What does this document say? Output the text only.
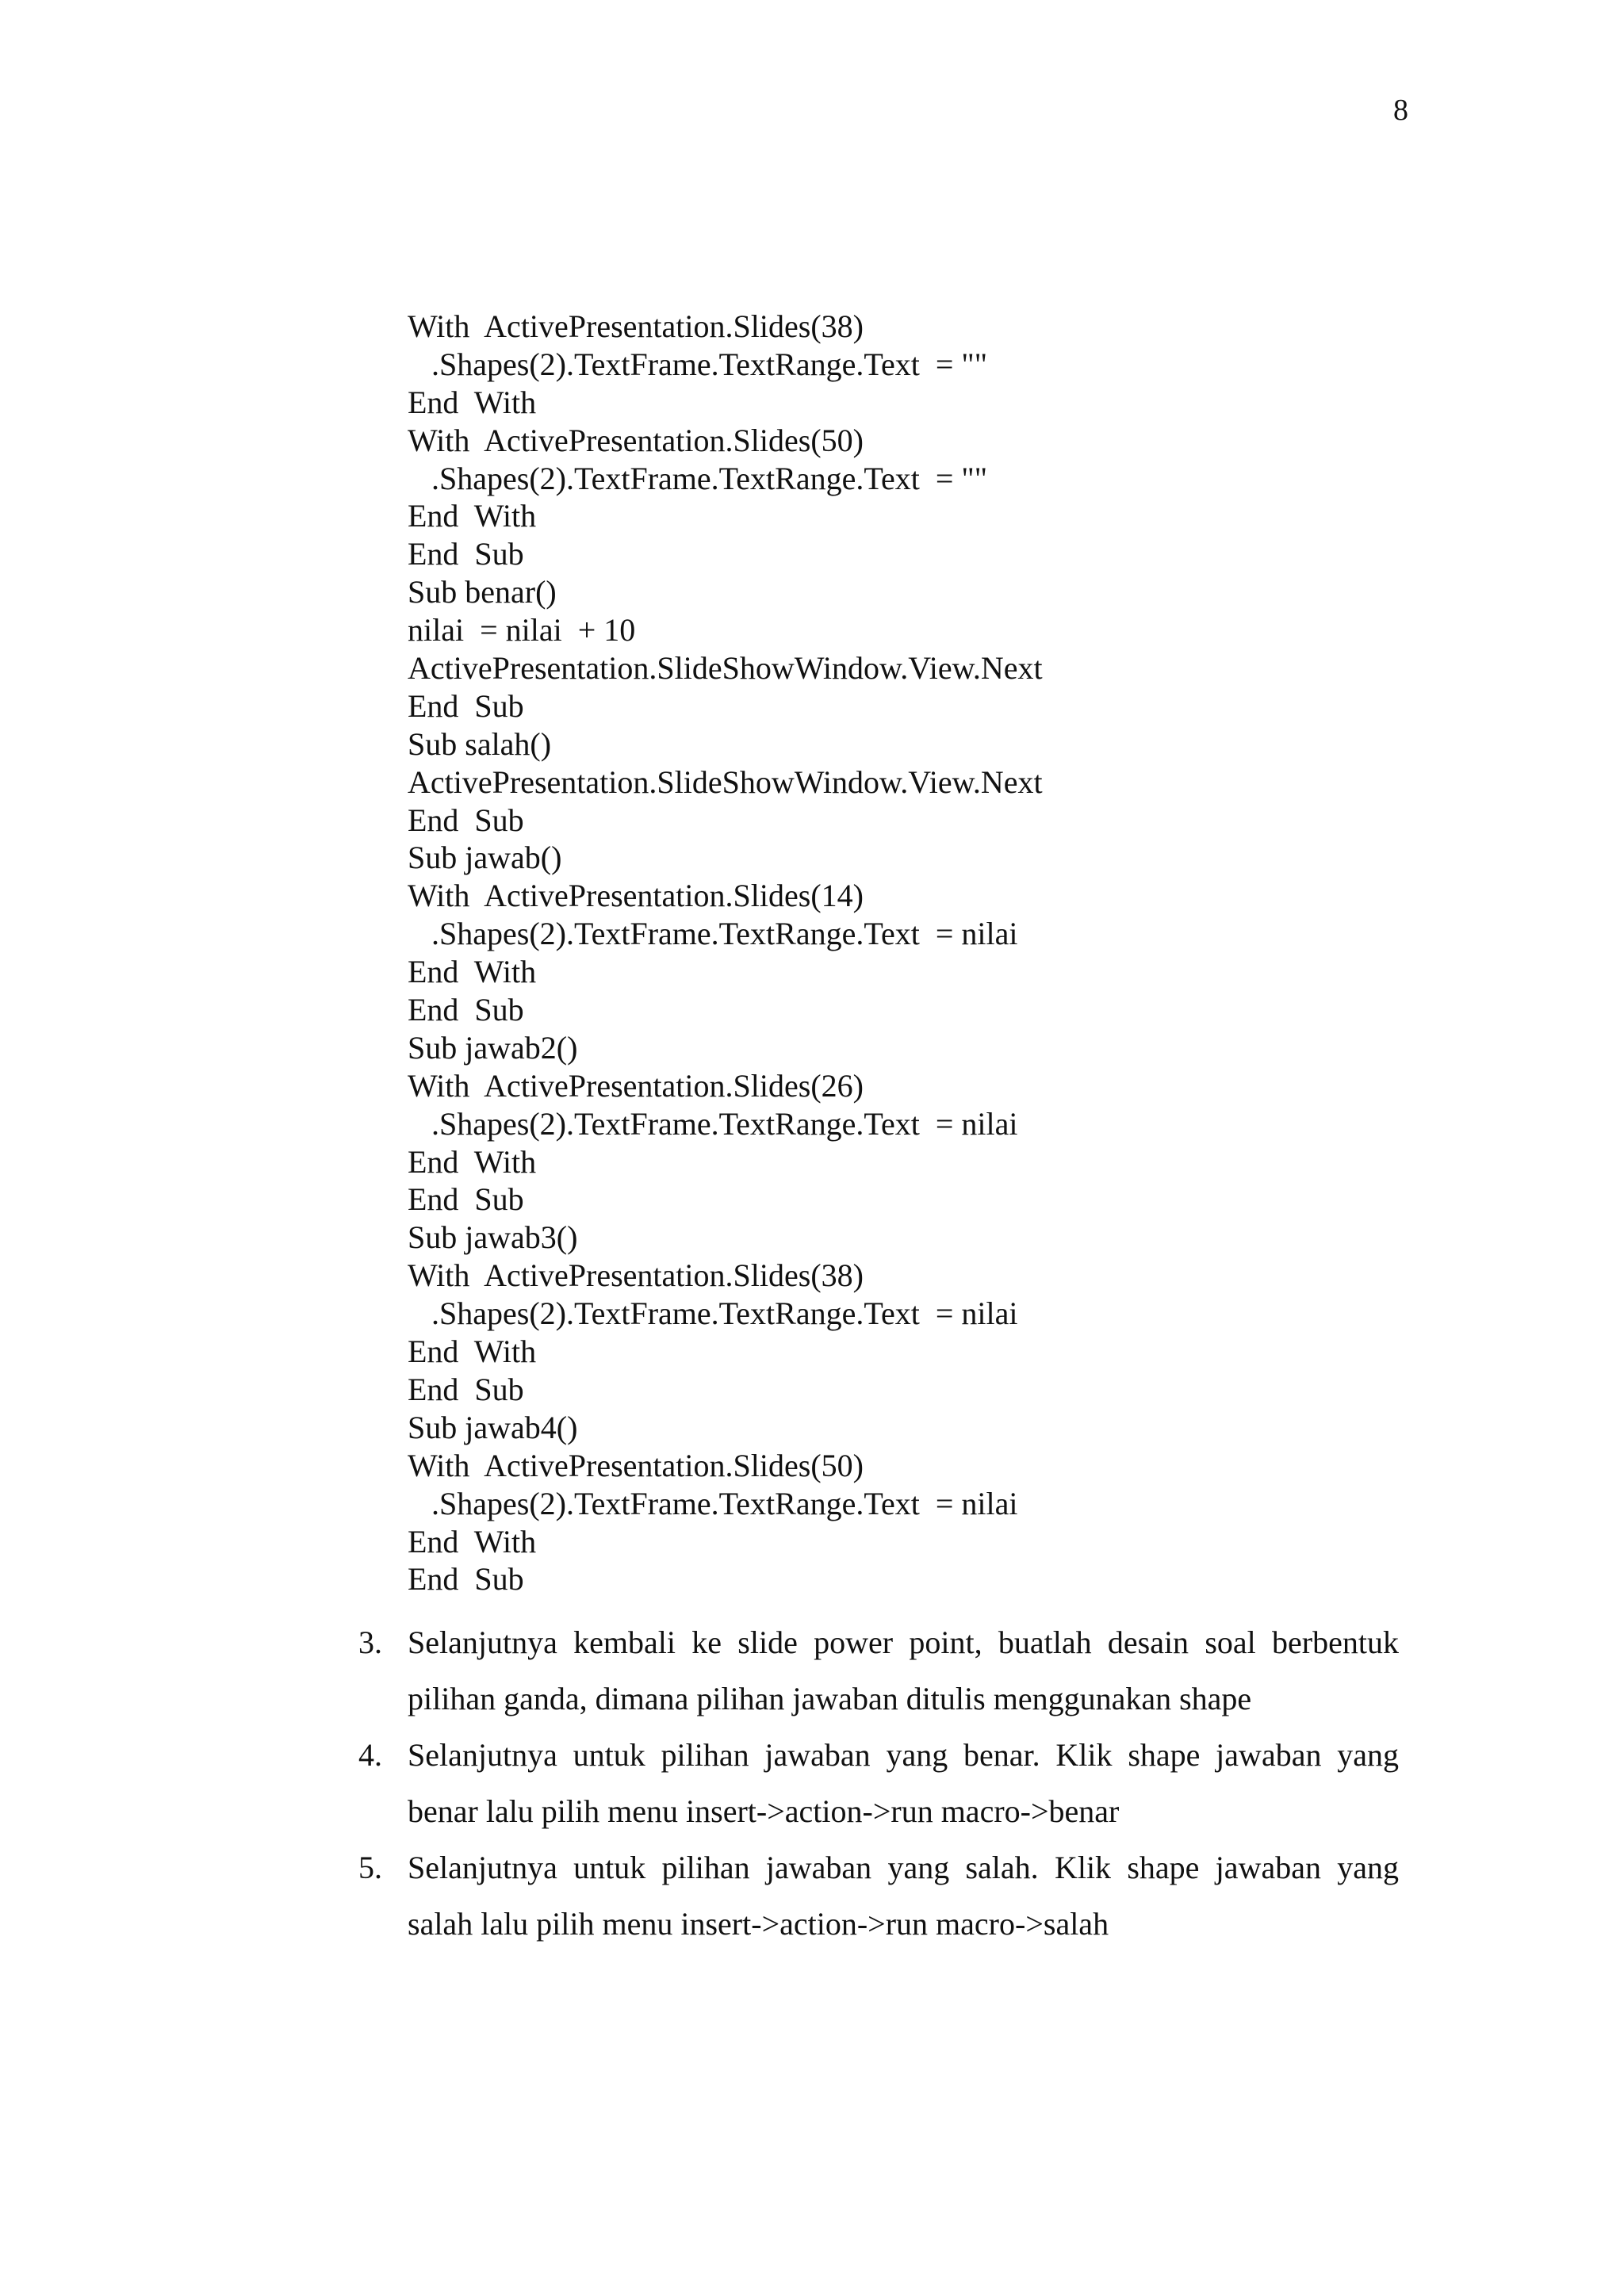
8
With  ActivePresentation.Slides(38)
.Shapes(2).TextFrame.TextRange.Text  = ""
End  With
With  ActivePresentation.Slides(50)
.Shapes(2).TextFrame.TextRange.Text  = ""
End  With
End  Sub
Sub benar()
nilai  = nilai  + 10
ActivePresentation.SlideShowWindow.View.Next
End  Sub
Sub salah()
ActivePresentation.SlideShowWindow.View.Next
End  Sub
Sub jawab()
With  ActivePresentation.Slides(14)
.Shapes(2).TextFrame.TextRange.Text  = nilai
End  With
End  Sub
Sub jawab2()
With  ActivePresentation.Slides(26)
.Shapes(2).TextFrame.TextRange.Text  = nilai
End  With
End  Sub
Sub jawab3()
With  ActivePresentation.Slides(38)
.Shapes(2).TextFrame.TextRange.Text  = nilai
End  With
End  Sub
Sub jawab4()
With  ActivePresentation.Slides(50)
.Shapes(2).TextFrame.TextRange.Text  = nilai
End  With
End  Sub
3. Selanjutnya kembali ke slide power point, buatlah desain soal berbentuk
pilihan ganda, dimana pilihan jawaban ditulis menggunakan shape
4. Selanjutnya untuk pilihan jawaban yang benar. Klik shape jawaban yang
benar lalu pilih menu insert->action->run macro->benar
5. Selanjutnya untuk pilihan jawaban yang salah. Klik shape jawaban yang
salah lalu pilih menu insert->action->run macro->salah
